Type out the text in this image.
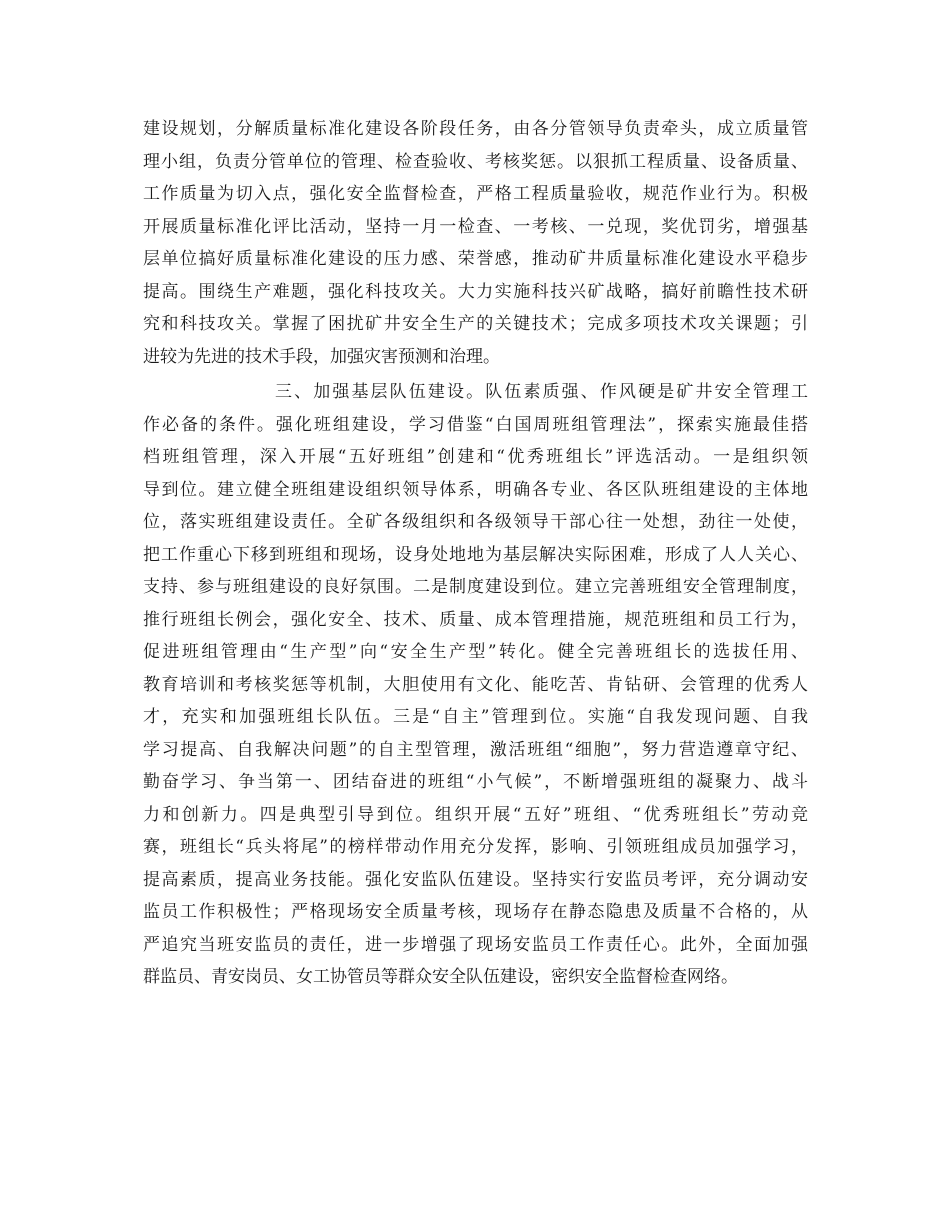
建设规划，分解质量标准化建设各阶段任务，由各分管领导负责牵头，成立质量管
理小组，负责分管单位的管理、检查验收、考核奖惩。以狠抓工程质量、设备质量、
工作质量为切入点，强化安全监督检查，严格工程质量验收，规范作业行为。积极
开展质量标准化评比活动，坚持一月一检查、一考核、一兑现，奖优罚劣，增强基
层单位搞好质量标准化建设的压力感、荣誉感，推动矿井质量标准化建设水平稳步
提高。围绕生产难题，强化科技攻关。大力实施科技兴矿战略，搞好前瞻性技术研
究和科技攻关。掌握了困扰矿井安全生产的关键技术；完成多项技术攻关课题；引
进较为先进的技术手段，加强灾害预测和治理。
三、加强基层队伍建设。队伍素质强、作风硬是矿井安全管理工
作必备的条件。强化班组建设，学习借鉴“白国周班组管理法”，探索实施最佳搭
档班组管理，深入开展“五好班组”创建和“优秀班组长”评选活动。一是组织领
导到位。建立健全班组建设组织领导体系，明确各专业、各区队班组建设的主体地
位，落实班组建设责任。全矿各级组织和各级领导干部心往一处想，劲往一处使，
把工作重心下移到班组和现场，设身处地地为基层解决实际困难，形成了人人关心、
支持、参与班组建设的良好氛围。二是制度建设到位。建立完善班组安全管理制度，
推行班组长例会，强化安全、技术、质量、成本管理措施，规范班组和员工行为，
促进班组管理由“生产型”向“安全生产型”转化。健全完善班组长的选拔任用、
教育培训和考核奖惩等机制，大胆使用有文化、能吃苦、肯钻研、会管理的优秀人
才，充实和加强班组长队伍。三是“自主”管理到位。实施“自我发现问题、自我
学习提高、自我解决问题”的自主型管理，激活班组“细胞”，努力营造遵章守纪、
勤奋学习、争当第一、团结奋进的班组“小气候”，不断增强班组的凝聚力、战斗
力和创新力。四是典型引导到位。组织开展“五好”班组、“优秀班组长”劳动竞
赛，班组长“兵头将尾”的榜样带动作用充分发挥，影响、引领班组成员加强学习，
提高素质，提高业务技能。强化安监队伍建设。坚持实行安监员考评，充分调动安
监员工作积极性；严格现场安全质量考核，现场存在静态隐患及质量不合格的，从
严追究当班安监员的责任，进一步增强了现场安监员工作责任心。此外，全面加强
群监员、青安岗员、女工协管员等群众安全队伍建设，密织安全监督检查网络。
